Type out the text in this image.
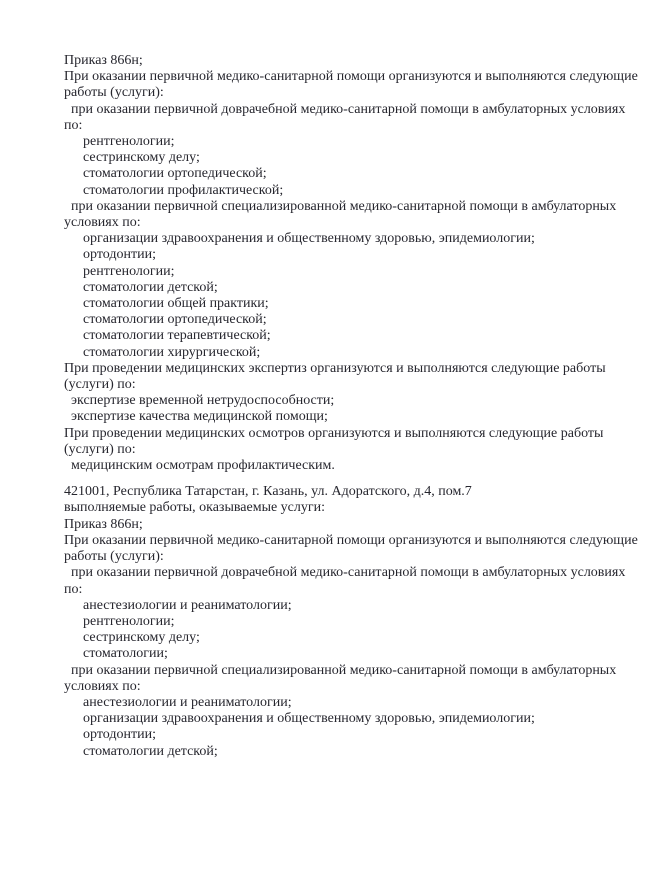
Приказ 866н;
При оказании первичной медико-санитарной помощи организуются и выполняются следующие
работы (услуги):
при оказании первичной доврачебной медико-санитарной помощи в амбулаторных условиях
по:
рентгенологии;
сестринскому делу;
стоматологии ортопедической;
стоматологии профилактической;
при оказании первичной специализированной медико-санитарной помощи в амбулаторных
условиях по:
организации здравоохранения и общественному здоровью, эпидемиологии;
ортодонтии;
рентгенологии;
стоматологии детской;
стоматологии общей практики;
стоматологии ортопедической;
стоматологии терапевтической;
стоматологии хирургической;
При проведении медицинских экспертиз организуются и выполняются следующие работы
(услуги) по:
экспертизе временной нетрудоспособности;
экспертизе качества медицинской помощи;
При проведении медицинских осмотров организуются и выполняются следующие работы
(услуги) по:
медицинским осмотрам профилактическим.
421001, Республика Татарстан, г. Казань, ул. Адоратского, д.4, пом.7
выполняемые работы, оказываемые услуги:
Приказ 866н;
При оказании первичной медико-санитарной помощи организуются и выполняются следующие
работы (услуги):
при оказании первичной доврачебной медико-санитарной помощи в амбулаторных условиях
по:
анестезиологии и реаниматологии;
рентгенологии;
сестринскому делу;
стоматологии;
при оказании первичной специализированной медико-санитарной помощи в амбулаторных
условиях по:
анестезиологии и реаниматологии;
организации здравоохранения и общественному здоровью, эпидемиологии;
ортодонтии;
стоматологии детской;
